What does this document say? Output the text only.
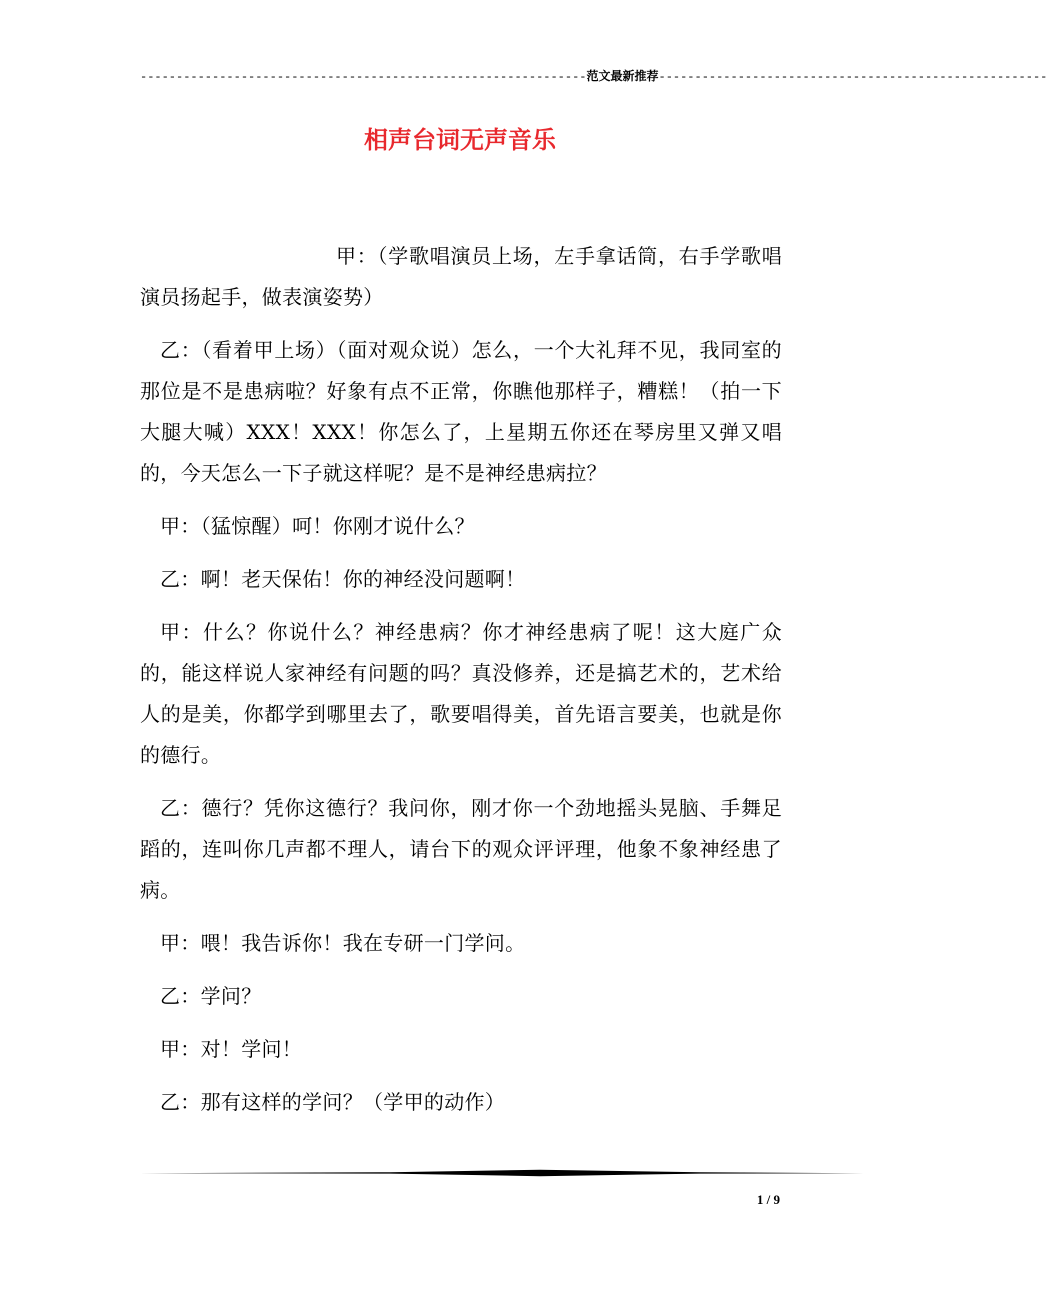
--------------------------------------------------------------范文最新推荐------------------------------------------------------
相声台词无声音乐

甲：（学歌唱演员上场，左手拿话筒，右手学歌唱演员扬起手，做表演姿势）

乙：（看着甲上场）（面对观众说）怎么，一个大礼拜不见，我同室的那位是不是患病啦？好象有点不正常，你瞧他那样子，糟糕！（拍一下大腿大喊）XXX！XXX！你怎么了，上星期五你还在琴房里又弹又唱的，今天怎么一下子就这样呢？是不是神经患病拉？

甲：（猛惊醒）呵！你刚才说什么？

乙：啊！老天保佑！你的神经没问题啊！

甲：什么？你说什么？神经患病？你才神经患病了呢！这大庭广众的，能这样说人家神经有问题的吗？真没修养，还是搞艺术的，艺术给人的是美，你都学到哪里去了，歌要唱得美，首先语言要美，也就是你的德行。

乙：德行？凭你这德行？我问你，刚才你一个劲地摇头晃脑、手舞足蹈的，连叫你几声都不理人，请台下的观众评评理，他象不象神经患了病。

甲：喂！我告诉你！我在专研一门学问。

乙：学问？

甲：对！学问！

乙：那有这样的学问？（学甲的动作）

1 / 9
